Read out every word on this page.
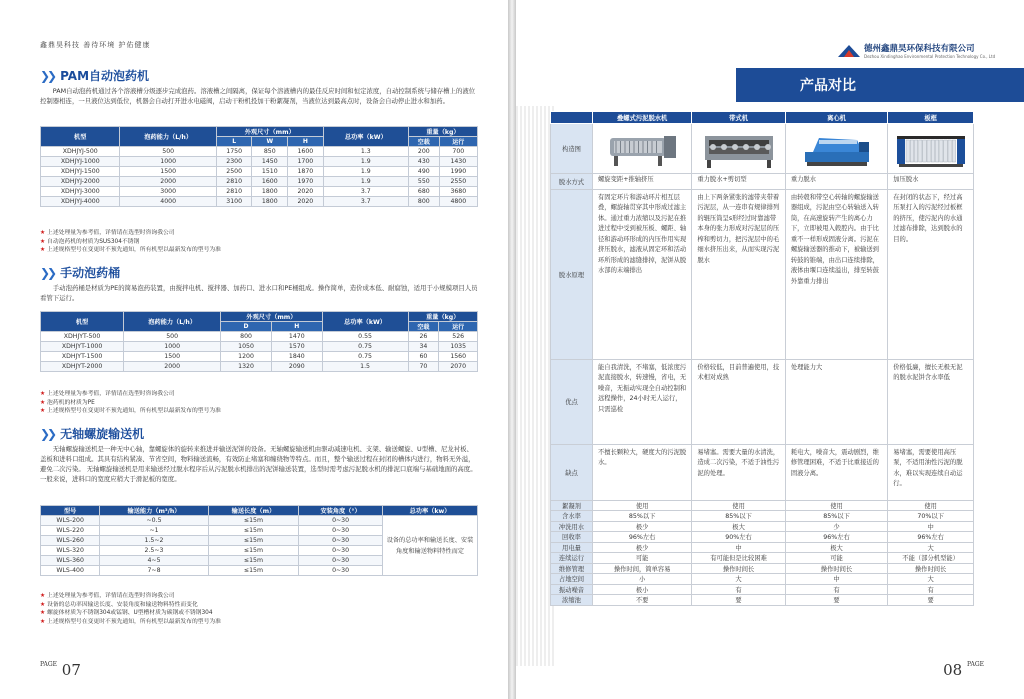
鑫鼎昊科技 善待环境 护佑健康
❯❯ PAM自动泡药机
PAM自动泡药机通过各个溶液槽分级逐步完成泡药。溶液槽之间隔离，保证每个溶液槽内的最佳反应时间和恒定浓度，自动控制系统与储存槽上的液位控制器相连，一旦液位达到低位，机器会自动打开进水电磁阀，启动干粉机投加干粉絮凝剂，当液位达到最高点时，设备会自动停止进水和加药。
机型	泡药能力（L/h）	外观尺寸（mm）			总功率（kW）	重量（kg）	
		L	W	H		空载	运行
XDHJYJ-500	500	1750	850	1600	1.3	200	700
XDHJYJ-1000	1000	2300	1450	1700	1.9	430	1430
XDHJYJ-1500	1500	2500	1510	1870	1.9	490	1990
XDHJYJ-2000	2000	2810	1600	1970	1.9	550	2550
XDHJYJ-3000	3000	2810	1800	2020	3.7	680	3680
XDHJYJ-4000	4000	3100	1800	2020	3.7	800	4800
★ 上述处理量为参考值，详情请在选型时咨询我公司
★ 自动泡药机的材质为SUS304不锈钢
★ 上述规格型号在变更时不预先通知，所有机型以最新发布的型号为准
❯❯ 手动泡药桶
手动泡药桶是材质为PE的简易泡药装置，由搅拌电机、搅拌器、加药口、进水口和PE桶组成。操作简单，造价成本低、耐腐蚀，适用于小规模项目人员看管下运行。
机型	泡药能力（L/h）	外观尺寸（mm）		总功率（kW）	重量（kg）	
		D	H		空载	运行
XDHJYT-500	500	800	1470	0.55	26	526
XDHJYT-1000	1000	1050	1570	0.75	34	1035
XDHJYT-1500	1500	1200	1840	0.75	60	1560
XDHJYT-2000	2000	1320	2090	1.5	70	2070
★ 上述处理量为参考值，详情请在选型时咨询我公司
★ 泡药机的材质为PE
★ 上述规格型号在变更时不预先通知，所有机型以最新发布的型号为准
❯❯ 无轴螺旋输送机
无轴螺旋输送机是一种无中心轴，靠螺旋体的旋转来推进并输送泥饼的设备。无轴螺旋输送机由驱动减速电机、支架、输送螺旋、U型槽、尼龙衬板、盖板和进料口组成。其具有结构紧凑、节省空间，物料输送流畅，有效防止堵塞和缠绕物等特点。而且，整个输送过程在封闭的槽体内进行，物料无外溢，避免二次污染。 无轴螺旋输送机是用来输送经过脱水程序后从污泥脱水机排出的泥饼输送装置，选型时需考虑污泥脱水机的排泥口底端与基础地面的高度。一般来说，进料口的宽度应稍大于滑泥板的宽度。
型号	输送能力（m³/h）	输送长度（m）	安装角度（°）	总功率（kw）
WLS-200	~0.5	≤15m	0~30	设备的总功率和输送长度、安装角度和输送物料特性而定
WLS-220	~1	≤15m	0~30	
WLS-260	1.5~2	≤15m	0~30	
WLS-320	2.5~3	≤15m	0~30	
WLS-360	4~5	≤15m	0~30	
WLS-400	7~8	≤15m	0~30	
★ 上述处理量为参考值，详情请在选型时咨询我公司
★ 设备的总功率因输送长度、安装角度和输送物料特性而变化
★ 螺旋体材质为不锈钢304或锰钢、U型槽材质为碳钢或不锈钢304
★ 上述规格型号在变更时不预先通知，所有机型以最新发布的型号为准
$^{PAGE}$ 07
德州鑫鼎昊环保科技有限公司
Dezhou Xindinghao Environmental Protection Technology Co., Ltd
产品对比
	叠螺式污泥脱水机	带式机	离心机	板框
构造图	

脱水方式	螺旋变距+推轴挤压	重力脱水+剪切型	重力脱水	加压脱水
脱水原理	有固定环片和游动环片相互层叠，螺旋轴贯穿其中形成过滤主体。通过重力浓缩以及污泥在推进过程中受到被压板、螺距、轴径和游动环形成的内压作用实现挤压脱水，滤液从固定环和活动环所形成的滤缝排掉，泥饼从脱水部的末端排出	由上下两条紧张的滤带夹带着污泥层，从一连串有规律排列的辊压筒呈s形经过时靠滤带本身的张力形成对污泥层的压榨和剪切力，把污泥层中的毛细水挤压出来，从而实现污泥脱水	由转毂和带空心转轴的螺旋输送器组成，污泥由空心转轴送入转筒，在高速旋转产生的离心力下，立即被甩入毂腔内。由于比重不一样形成固液分离。污泥在螺旋输送器的推动下，被输送到转鼓的锥端，由出口连续排除，液体由堰口连续溢出，排至转鼓外靠重力排出	在封闭的状态下，经过高压泵打入的污泥经过板框的挤压，使污泥内的水通过滤布排除，达到脱水的目的。
优点	能自我清洗，不堵塞，低浓度污泥直接脱水，转速慢，省电，无噪音，无振动实现全自动控制和远程操作，24小时无人运行，只需巡检	价格较低，目前普遍使用，技术相对成熟	处理能力大	价格低廉，擅长无极无泥的脱水泥饼含水率低
缺点	不擅长颗粒大，硬度大的污泥脱水。	易堵塞。需要大量的水清洗，造成二次污染，不适于油性污泥的处理。	耗电大，噪音大，震动剧烈，维修管理困难，不适于比重接近的固液分离。	易堵塞，需要使用高压泵，不适用油性污泥的脱水，难以实现连续自动运行。
絮凝剂	使用	使用	使用	使用
含水率	85%以下	85%以下	85%以下	70%以下
冲洗用水	极少	极大	少	中
回收率	96%左右	90%左右	96%左右	96%左右
用电量	极少	中	极大	大
连续运行	可能	有可能但是比较困难	可能	不能（部分机型能）
维修管理	操作时间，简单容易	操作时间长	操作时间长	操作时间长
占地空间	小	大	中	大
振动噪音	极小	有	有	有
浓缩池	不要	要	要	要
08 $^{PAGE}$
